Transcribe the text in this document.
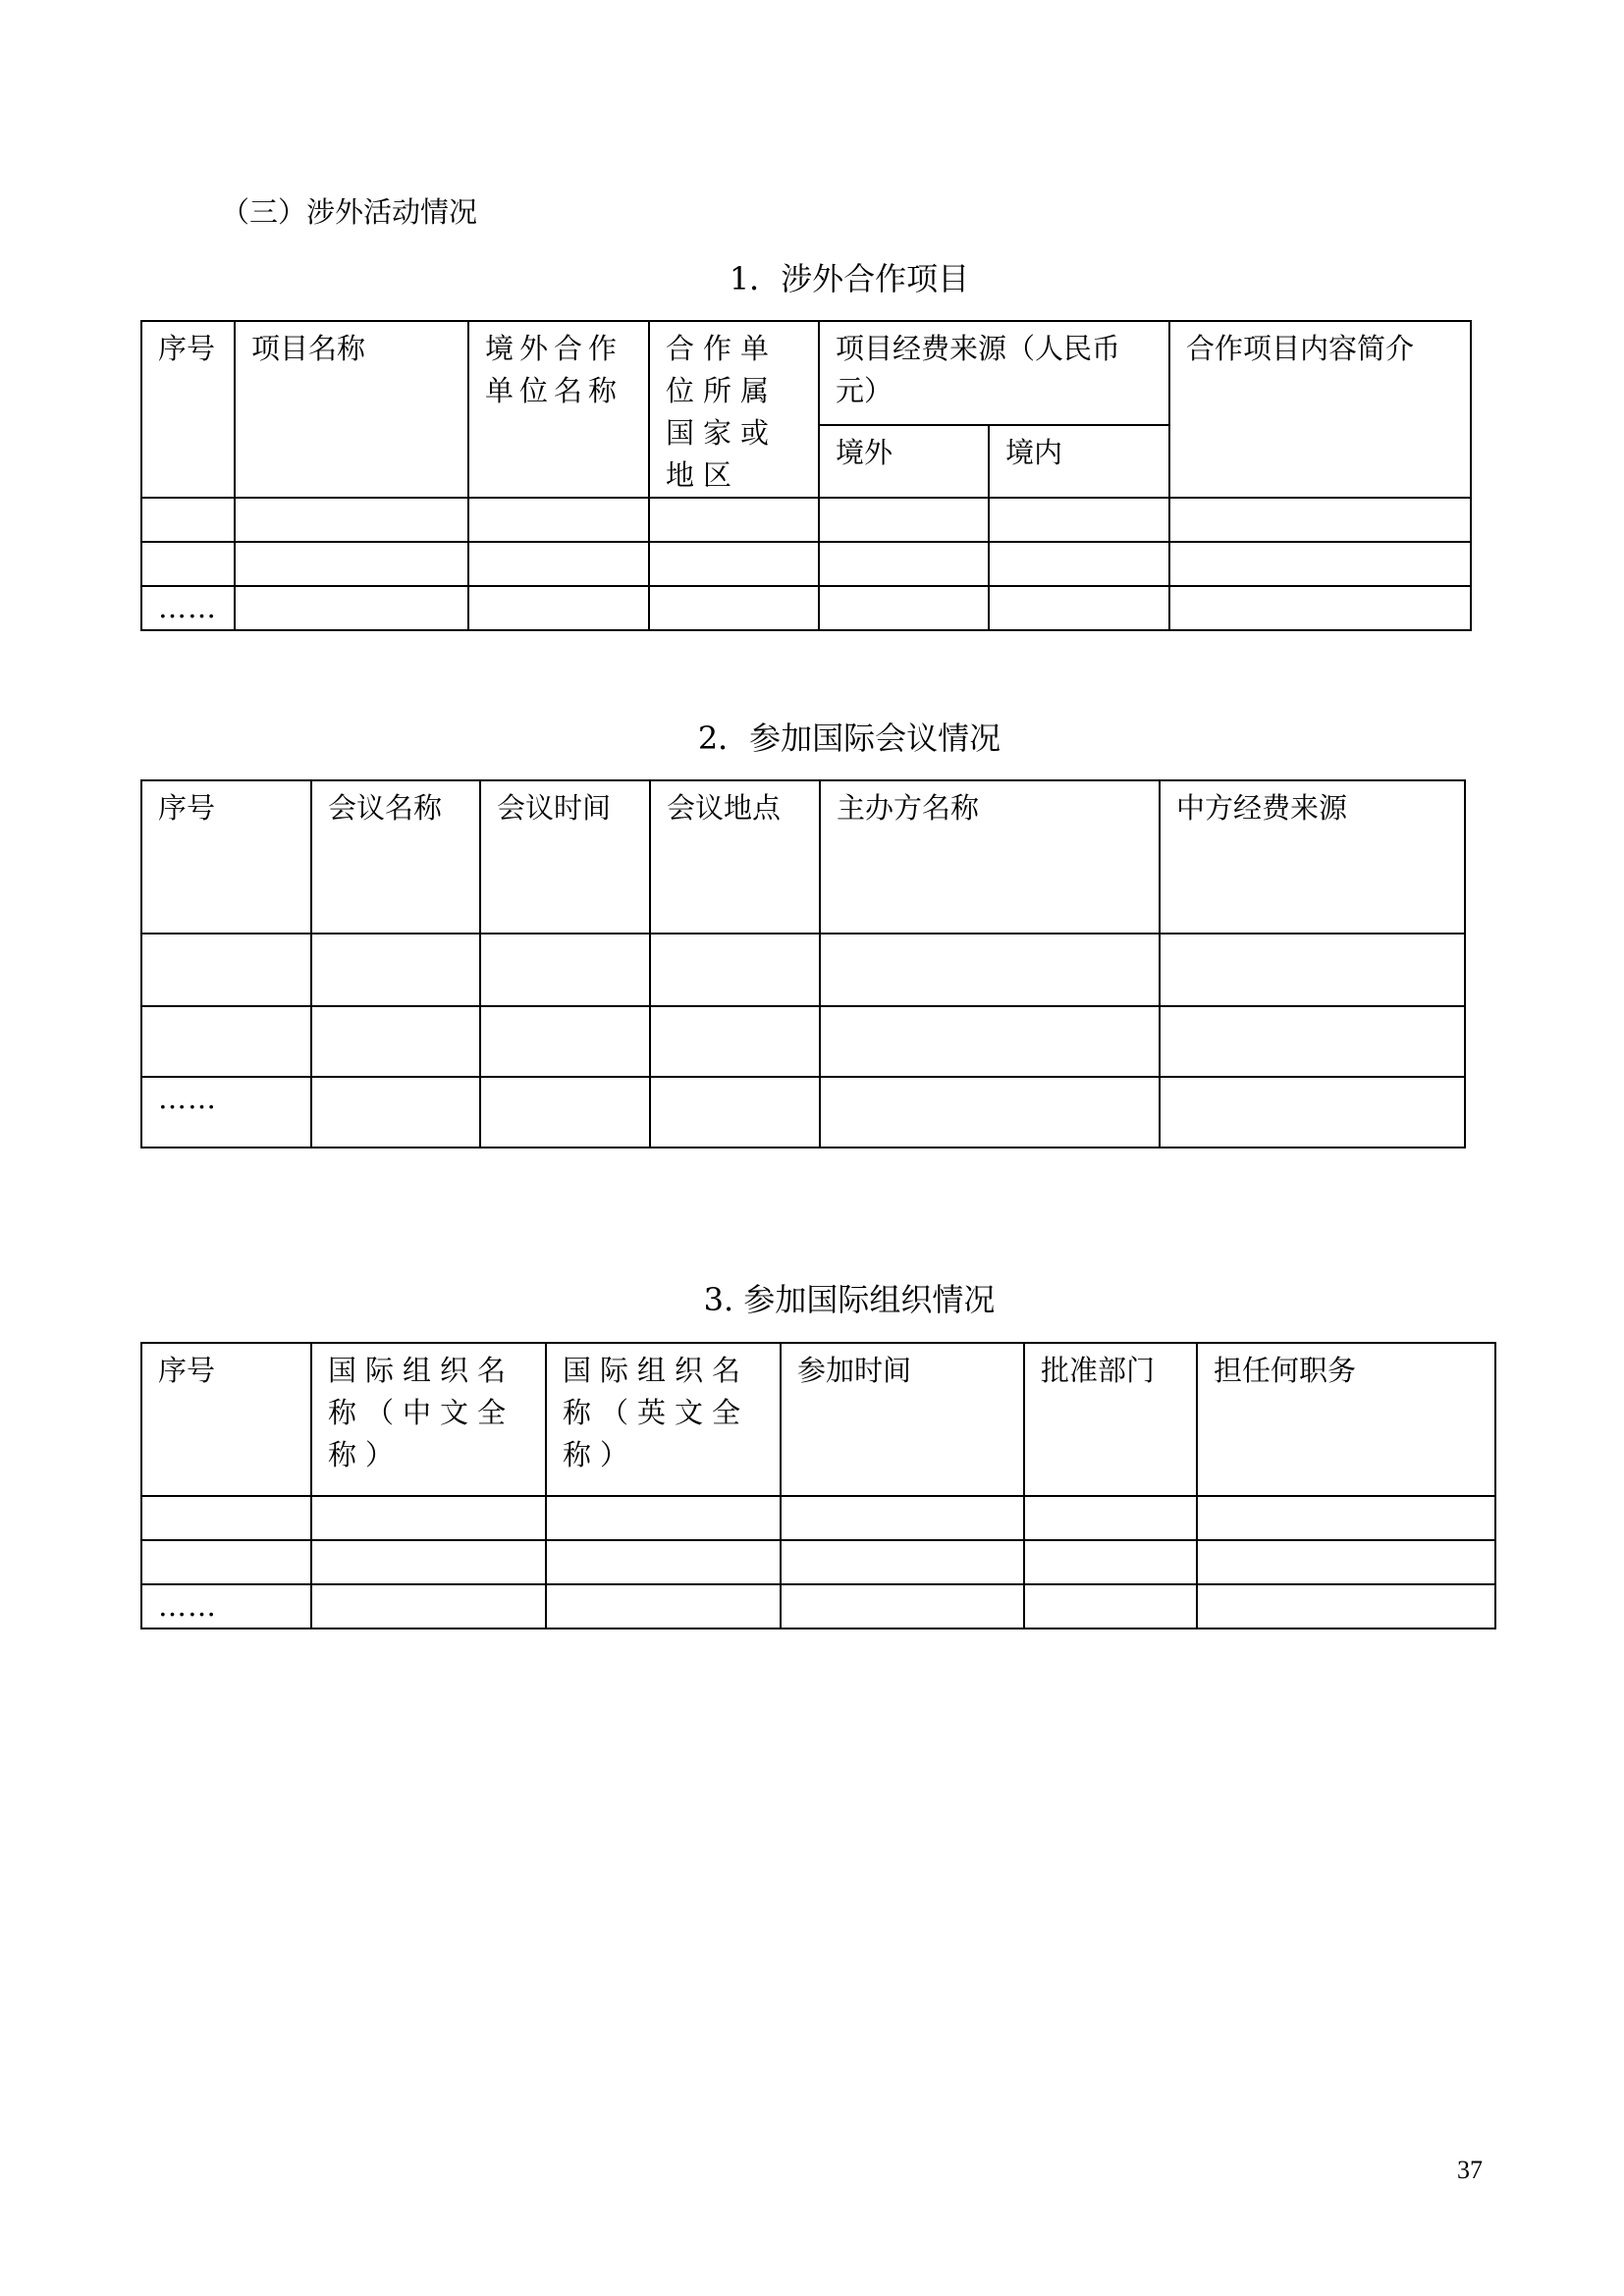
（三）涉外活动情况
1．涉外合作项目
序号	项目名称	境外合作单位名称	合作单位所属国家或地区	项目经费来源（人民币元）		合作项目内容简介
				境外	境内	

……						
2．参加国际会议情况
序号	会议名称	会议时间	会议地点	主办方名称	中方经费来源

……					
3. 参加国际组织情况
序号	国际组织名称（中文全称）	国际组织名称（英文全称）	参加时间	批准部门	担任何职务

……					
37
